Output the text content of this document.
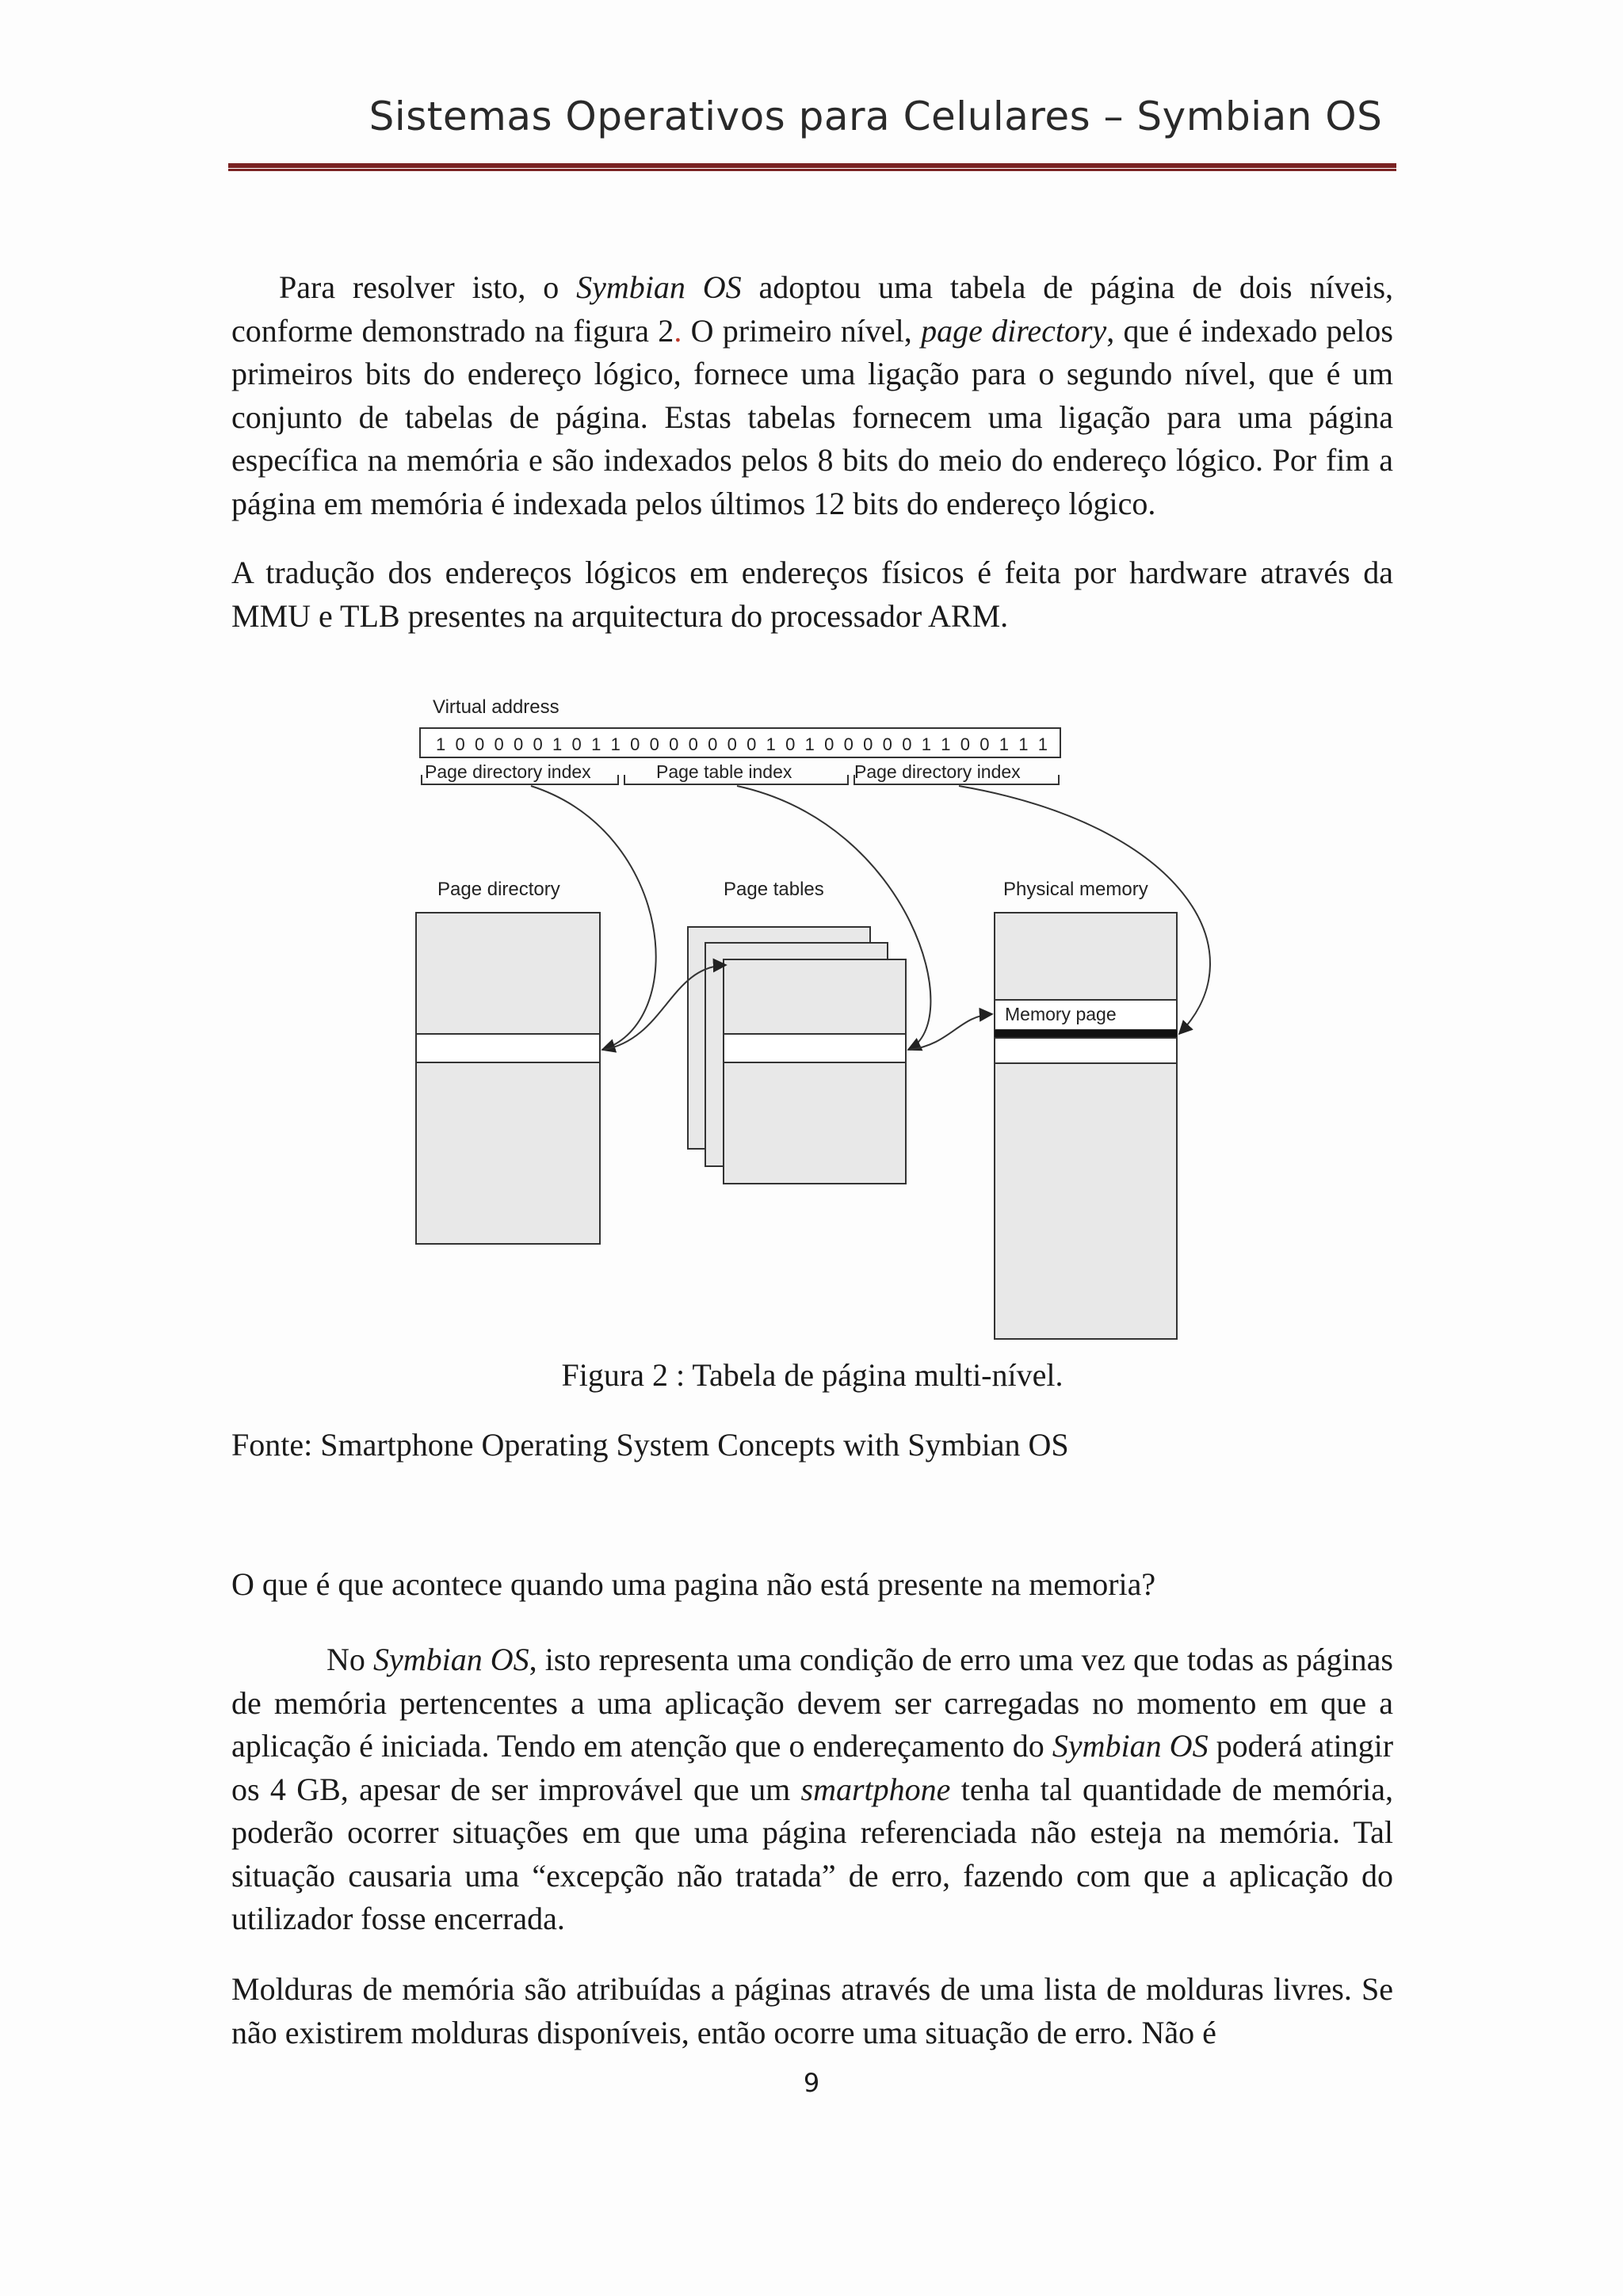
Sistemas Operativos para Celulares – Symbian OS

Para resolver isto, o Symbian OS adoptou uma tabela de página de dois níveis, conforme demonstrado na figura 2. O primeiro nível, page directory, que é indexado pelos primeiros bits do endereço lógico, fornece uma ligação para o segundo nível, que é um conjunto de tabelas de página. Estas tabelas fornecem uma ligação para uma página específica na memória e são indexados pelos 8 bits do meio do endereço lógico. Por fim a página em memória é indexada pelos últimos 12 bits do endereço lógico.

A tradução dos endereços lógicos em endereços físicos é feita por hardware através da MMU e TLB presentes na arquitectura do processador ARM.

Virtual address
1 0 0 0 0 0 1 0 1 1 0 0 0 0 0 0 0 1 0 1 0 0 0 0 0 1 1 0 0 1 1 1
Page directory index	Page table index	Page directory index
Page directory	Page tables	Physical memory
Memory page
Figura 2 : Tabela de página multi-nível.
Fonte: Smartphone Operating System Concepts with Symbian OS
O que é que acontece quando uma pagina não está presente na memoria?

No Symbian OS, isto representa uma condição de erro uma vez que todas as páginas de memória pertencentes a uma aplicação devem ser carregadas no momento em que a aplicação é iniciada. Tendo em atenção que o endereçamento do Symbian OS poderá atingir os 4 GB, apesar de ser improvável que um smartphone tenha tal quantidade de memória, poderão ocorrer situações em que uma página referenciada não esteja na memória. Tal situação causaria uma “excepção não tratada” de erro, fazendo com que a aplicação do utilizador fosse encerrada.

Molduras de memória são atribuídas a páginas através de uma lista de molduras livres. Se não existirem molduras disponíveis, então ocorre uma situação de erro. Não é

9
